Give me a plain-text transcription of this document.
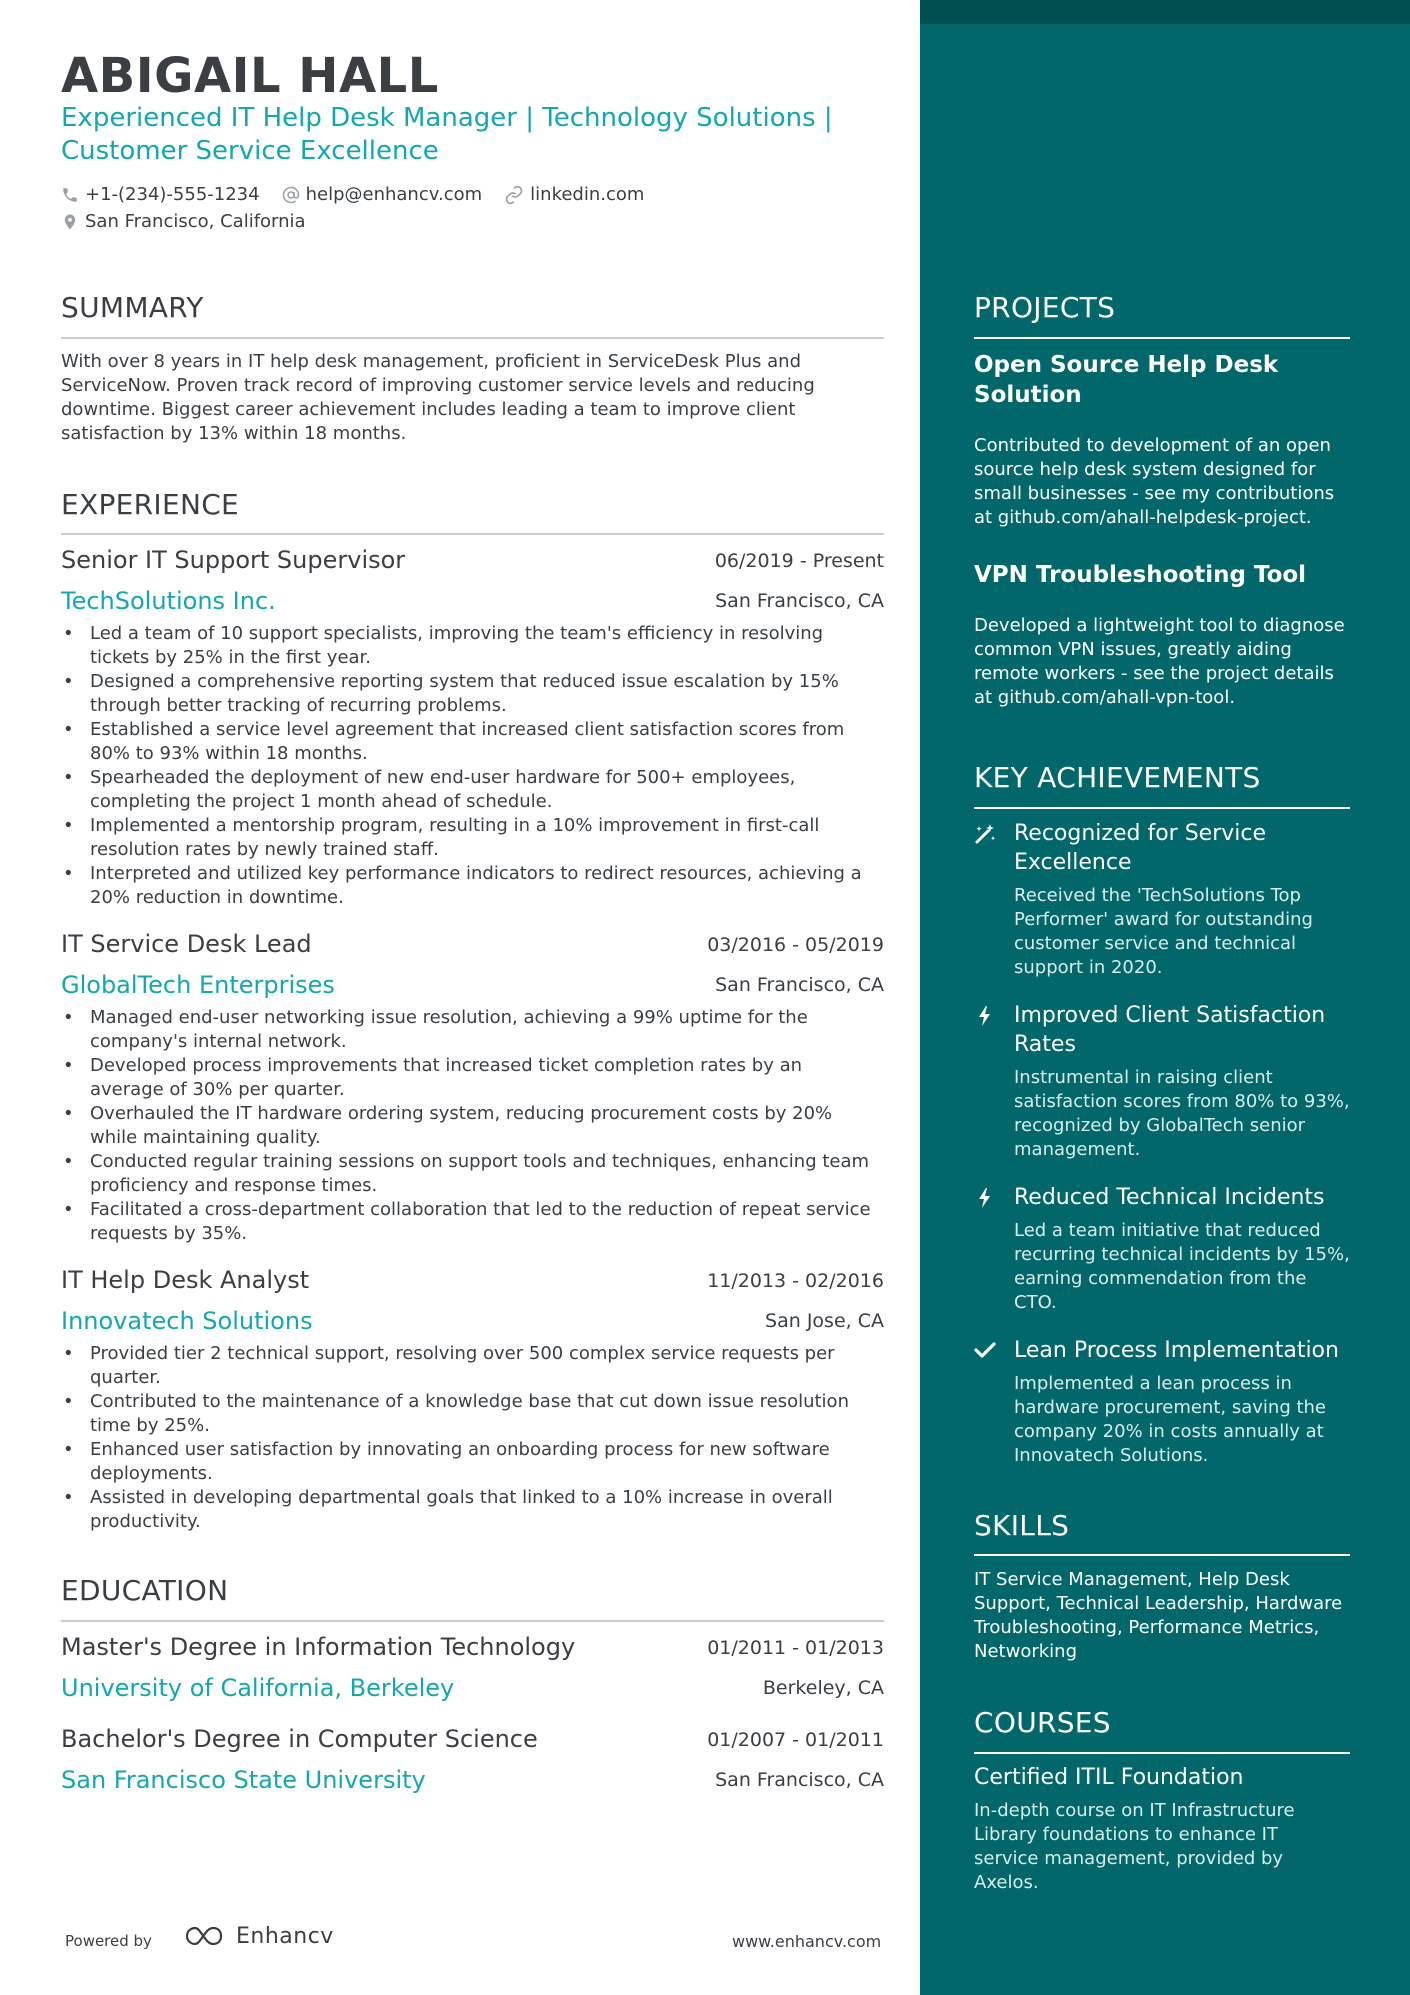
ABIGAIL HALL
Experienced IT Help Desk Manager | Technology Solutions | Customer Service Excellence
+1-(234)-555-1234	help@enhancv.com	linkedin.com
San Francisco, California
SUMMARY
With over 8 years in IT help desk management, proficient in ServiceDesk Plus and ServiceNow. Proven track record of improving customer service levels and reducing downtime. Biggest career achievement includes leading a team to improve client satisfaction by 13% within 18 months.
EXPERIENCE
Senior IT Support Supervisor	06/2019 - Present
TechSolutions Inc.	San Francisco, CA
• Led a team of 10 support specialists, improving the team's efficiency in resolving tickets by 25% in the first year.
• Designed a comprehensive reporting system that reduced issue escalation by 15% through better tracking of recurring problems.
• Established a service level agreement that increased client satisfaction scores from 80% to 93% within 18 months.
• Spearheaded the deployment of new end-user hardware for 500+ employees, completing the project 1 month ahead of schedule.
• Implemented a mentorship program, resulting in a 10% improvement in first-call resolution rates by newly trained staff.
• Interpreted and utilized key performance indicators to redirect resources, achieving a 20% reduction in downtime.
IT Service Desk Lead	03/2016 - 05/2019
GlobalTech Enterprises	San Francisco, CA
• Managed end-user networking issue resolution, achieving a 99% uptime for the company's internal network.
• Developed process improvements that increased ticket completion rates by an average of 30% per quarter.
• Overhauled the IT hardware ordering system, reducing procurement costs by 20% while maintaining quality.
• Conducted regular training sessions on support tools and techniques, enhancing team proficiency and response times.
• Facilitated a cross-department collaboration that led to the reduction of repeat service requests by 35%.
IT Help Desk Analyst	11/2013 - 02/2016
Innovatech Solutions	San Jose, CA
• Provided tier 2 technical support, resolving over 500 complex service requests per quarter.
• Contributed to the maintenance of a knowledge base that cut down issue resolution time by 25%.
• Enhanced user satisfaction by innovating an onboarding process for new software deployments.
• Assisted in developing departmental goals that linked to a 10% increase in overall productivity.
EDUCATION
Master's Degree in Information Technology	01/2011 - 01/2013
University of California, Berkeley	Berkeley, CA
Bachelor's Degree in Computer Science	01/2007 - 01/2011
San Francisco State University	San Francisco, CA
Powered by	Enhancv	www.enhancv.com
PROJECTS
Open Source Help Desk Solution
Contributed to development of an open source help desk system designed for small businesses - see my contributions at github.com/ahall-helpdesk-project.
VPN Troubleshooting Tool
Developed a lightweight tool to diagnose common VPN issues, greatly aiding remote workers - see the project details at github.com/ahall-vpn-tool.
KEY ACHIEVEMENTS
Recognized for Service Excellence
Received the 'TechSolutions Top Performer' award for outstanding customer service and technical support in 2020.
Improved Client Satisfaction Rates
Instrumental in raising client satisfaction scores from 80% to 93%, recognized by GlobalTech senior management.
Reduced Technical Incidents
Led a team initiative that reduced recurring technical incidents by 15%, earning commendation from the CTO.
Lean Process Implementation
Implemented a lean process in hardware procurement, saving the company 20% in costs annually at Innovatech Solutions.
SKILLS
IT Service Management, Help Desk Support, Technical Leadership, Hardware Troubleshooting, Performance Metrics, Networking
COURSES
Certified ITIL Foundation
In-depth course on IT Infrastructure Library foundations to enhance IT service management, provided by Axelos.
